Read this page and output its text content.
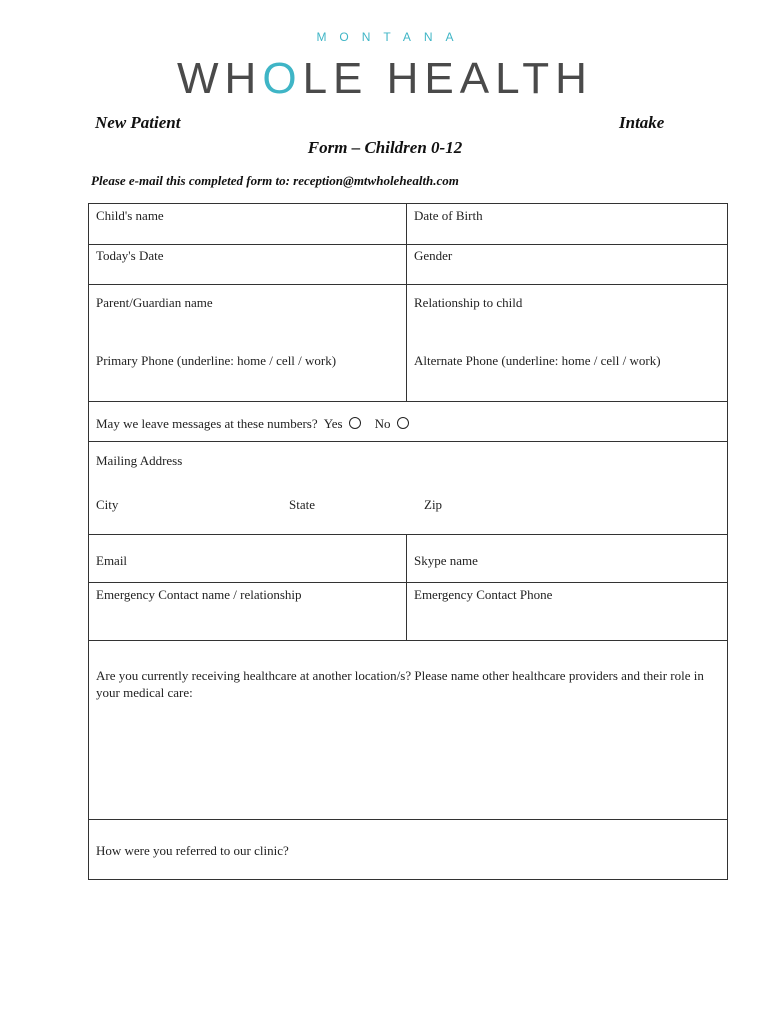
MONTANA
WHOLE HEALTH
New Patient	Intake
Form – Children 0-12
Please e-mail this completed form to: reception@mtwholehealth.com
Child's name	Date of Birth
Today's Date	Gender
Parent/Guardian name	Relationship to child
Primary Phone (underline: home / cell / work)	Alternate Phone (underline: home / cell / work)
May we leave messages at these numbers? Yes No
Mailing Address
City	State	Zip
Email	Skype name
Emergency Contact name / relationship	Emergency Contact Phone
Are you currently receiving healthcare at another location/s? Please name other healthcare providers and their role in your medical care:
How were you referred to our clinic?
